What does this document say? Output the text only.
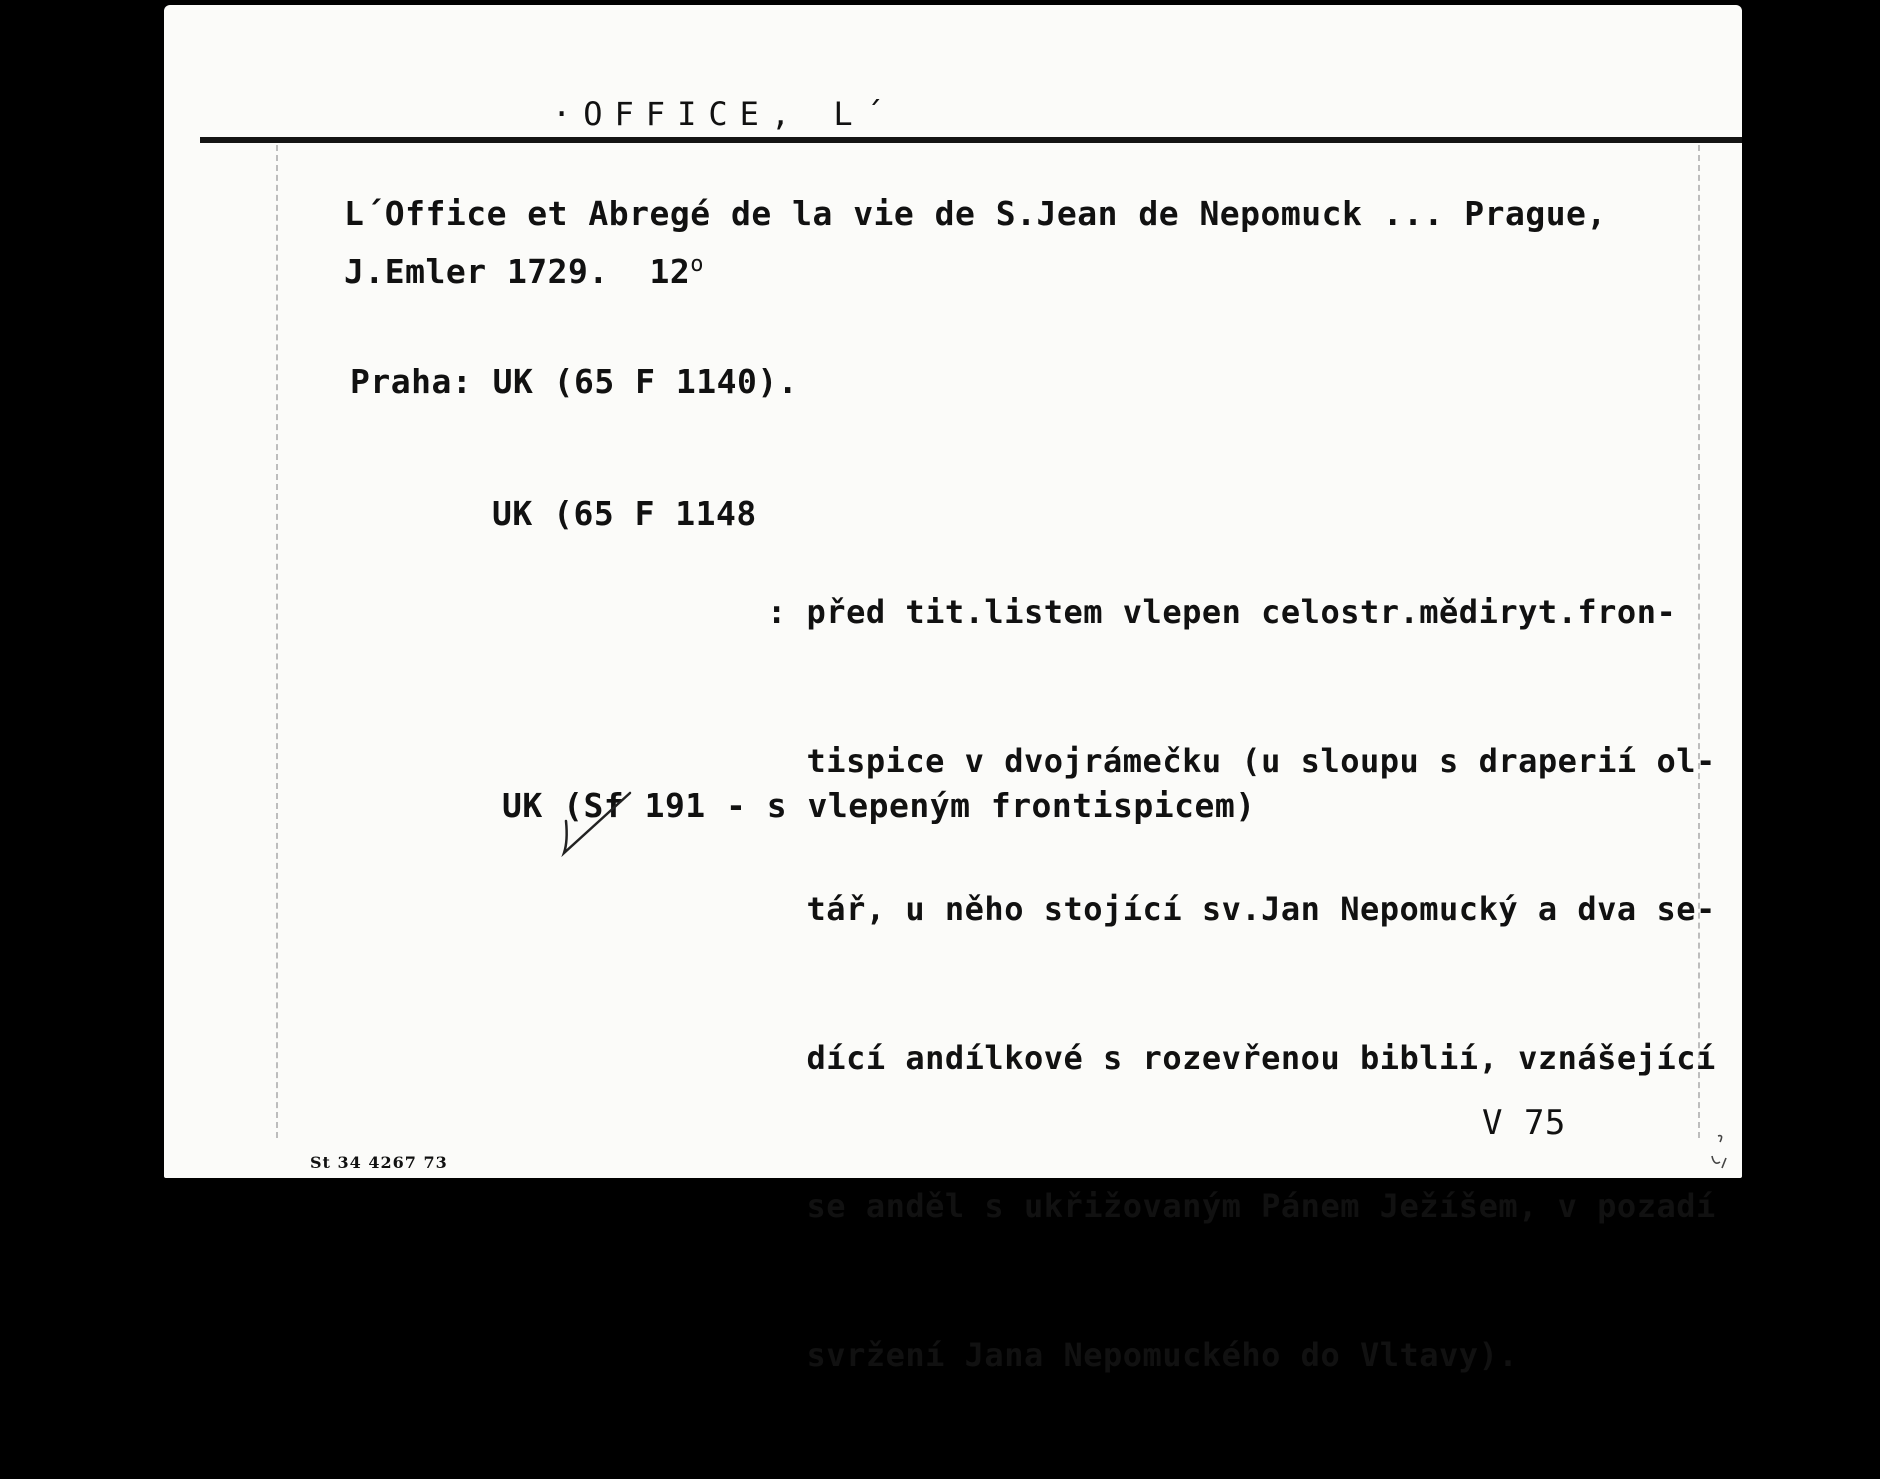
·OFFICE, L´
L´Office et Abregé de la vie de S.Jean de Nepomuck ... Prague,
J.Emler 1729.  12$^o$
Praha: UK (65 F 1140).
UK (65 F 1148

: před tit.listem vlepen celostr.mědiryt.fron-

tispice v dvojrámečku (u sloupu s draperií ol-

tář, u něho stojící sv.Jan Nepomucký a dva se-

dící andílkové s rozevřenou biblií, vznášející

se anděl s ukřižovaným Pánem Ježíšem, v pozadí

svržení Jana Nepomuckého do Vltavy).

UK (Sf 191 - s vlepeným frontispicem)
V 75
St 34 4267 73
